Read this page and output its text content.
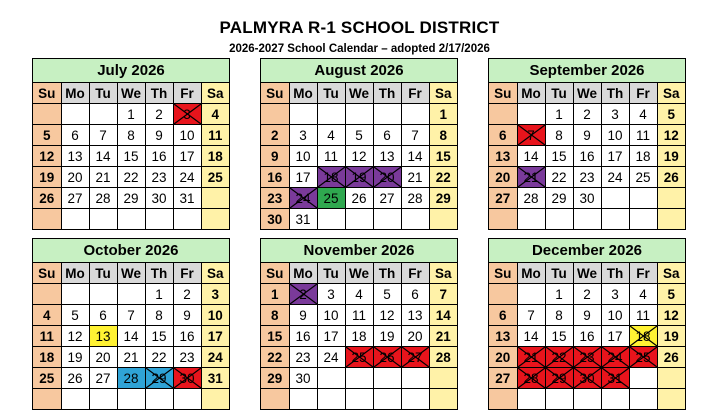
PALMYRA R-1 SCHOOL DISTRICT
2026-2027 School Calendar – adopted 2/17/2026
July 2026
Su	Mo	Tu	We	Th	Fr	Sa
			1	2	3	4
5	6	7	8	9	10	11
12	13	14	15	16	17	18
19	20	21	22	23	24	25
26	27	28	29	30	31	

August 2026
Su	Mo	Tu	We	Th	Fr	Sa
						1
2	3	4	5	6	7	8
9	10	11	12	13	14	15
16	17	18	19	20	21	22
23	24	25	26	27	28	29
30	31					
September 2026
Su	Mo	Tu	We	Th	Fr	Sa
		1	2	3	4	5
6	7	8	9	10	11	12
13	14	15	16	17	18	19
20	21	22	23	24	25	26
27	28	29	30			

October 2026
Su	Mo	Tu	We	Th	Fr	Sa
				1	2	3
4	5	6	7	8	9	10
11	12	13	14	15	16	17
18	19	20	21	22	23	24
25	26	27	28	29	30	31

November 2026
Su	Mo	Tu	We	Th	Fr	Sa
1	2	3	4	5	6	7
8	9	10	11	12	13	14
15	16	17	18	19	20	21
22	23	24	25	26	27	28
29	30					

December 2026
Su	Mo	Tu	We	Th	Fr	Sa
		1	2	3	4	5
6	7	8	9	10	11	12
13	14	15	16	17	18	19
20	21	22	23	24	25	26
27	28	29	30	31		
